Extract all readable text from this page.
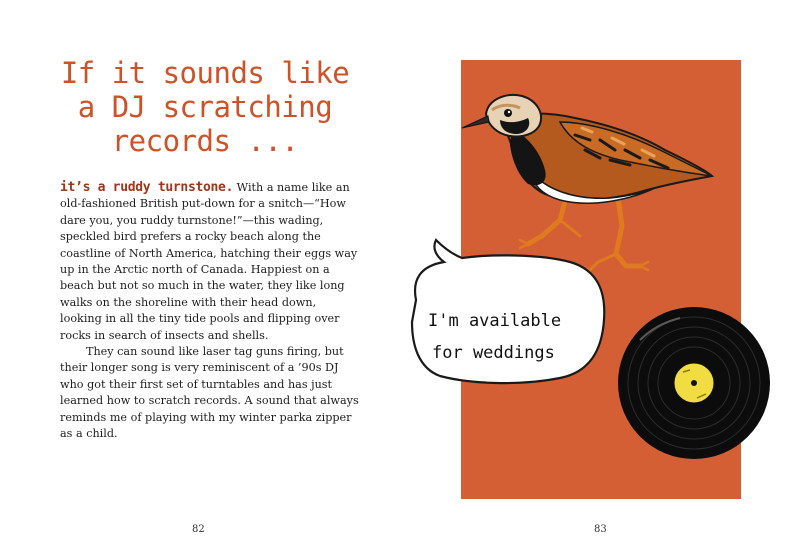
If it sounds like
a DJ scratching
records ...

it’s a ruddy turnstone. With a name like an old-fashioned British put-down for a snitch—“How dare you, you ruddy turnstone!”—this wading, speckled bird prefers a rocky beach along the coastline of North America, hatching their eggs way up in the Arctic north of Canada. Happiest on a beach but not so much in the water, they like long walks on the shoreline with their head down, looking in all the tiny tide pools and flipping over rocks in search of insects and shells.

They can sound like laser tag guns firing, but their longer song is very reminiscent of a ’90s DJ who got their first set of turntables and has just learned how to scratch records. A sound that always reminds me of playing with my winter parka zipper as a child.

82
I'm available
for weddings
83
